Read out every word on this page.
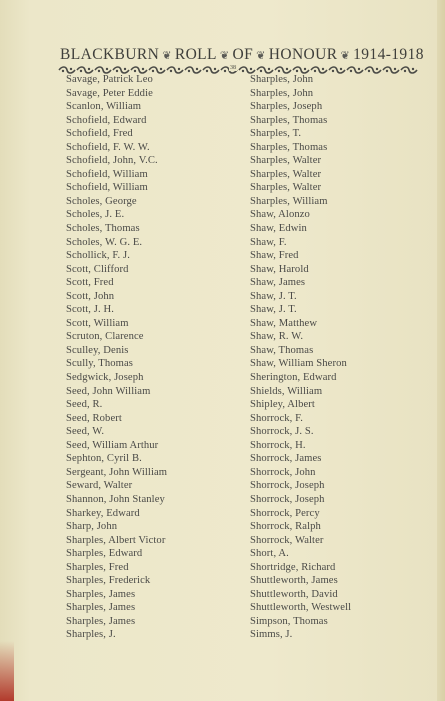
BLACKBURN ❦ ROLL ❦ OF ❦ HONOUR ❦ 1914-1918
38
Savage, Patrick Leo
Savage, Peter Eddie
Scanlon, William
Schofield, Edward
Schofield, Fred
Schofield, F. W. W.
Schofield, John, V.C.
Schofield, William
Schofield, William
Scholes, George
Scholes, J. E.
Scholes, Thomas
Scholes, W. G. E.
Schollick, F. J.
Scott, Clifford
Scott, Fred
Scott, John
Scott, J. H.
Scott, William
Scruton, Clarence
Sculley, Denis
Scully, Thomas
Sedgwick, Joseph
Seed, John William
Seed, R.
Seed, Robert
Seed, W.
Seed, William Arthur
Sephton, Cyril B.
Sergeant, John William
Seward, Walter
Shannon, John Stanley
Sharkey, Edward
Sharp, John
Sharples, Albert Victor
Sharples, Edward
Sharples, Fred
Sharples, Frederick
Sharples, James
Sharples, James
Sharples, James
Sharples, J.
Sharples, John
Sharples, John
Sharples, Joseph
Sharples, Thomas
Sharples, T.
Sharples, Thomas
Sharples, Walter
Sharples, Walter
Sharples, Walter
Sharples, William
Shaw, Alonzo
Shaw, Edwin
Shaw, F.
Shaw, Fred
Shaw, Harold
Shaw, James
Shaw, J. T.
Shaw, J. T.
Shaw, Matthew
Shaw, R. W.
Shaw, Thomas
Shaw, William Sheron
Sherington, Edward
Shields, William
Shipley, Albert
Shorrock, F.
Shorrock, J. S.
Shorrock, H.
Shorrock, James
Shorrock, John
Shorrock, Joseph
Shorrock, Joseph
Shorrock, Percy
Shorrock, Ralph
Shorrock, Walter
Short, A.
Shortridge, Richard
Shuttleworth, James
Shuttleworth, David
Shuttleworth, Westwell
Simpson, Thomas
Simms, J.
